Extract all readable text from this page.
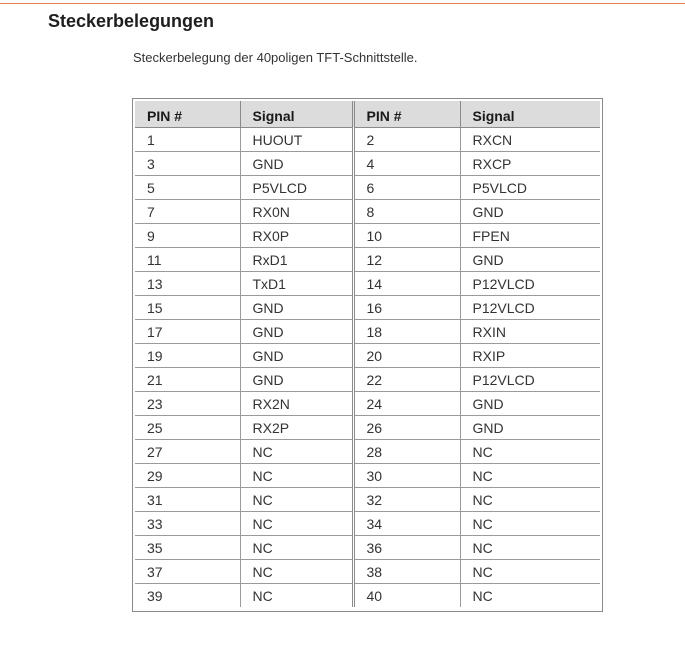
Steckerbelegungen

Steckerbelegung der 40poligen TFT-Schnittstelle.

PIN #	Signal	PIN #	Signal
1	HUOUT	2	RXCN
3	GND	4	RXCP
5	P5VLCD	6	P5VLCD
7	RX0N	8	GND
9	RX0P	10	FPEN
11	RxD1	12	GND
13	TxD1	14	P12VLCD
15	GND	16	P12VLCD
17	GND	18	RXIN
19	GND	20	RXIP
21	GND	22	P12VLCD
23	RX2N	24	GND
25	RX2P	26	GND
27	NC	28	NC
29	NC	30	NC
31	NC	32	NC
33	NC	34	NC
35	NC	36	NC
37	NC	38	NC
39	NC	40	NC
